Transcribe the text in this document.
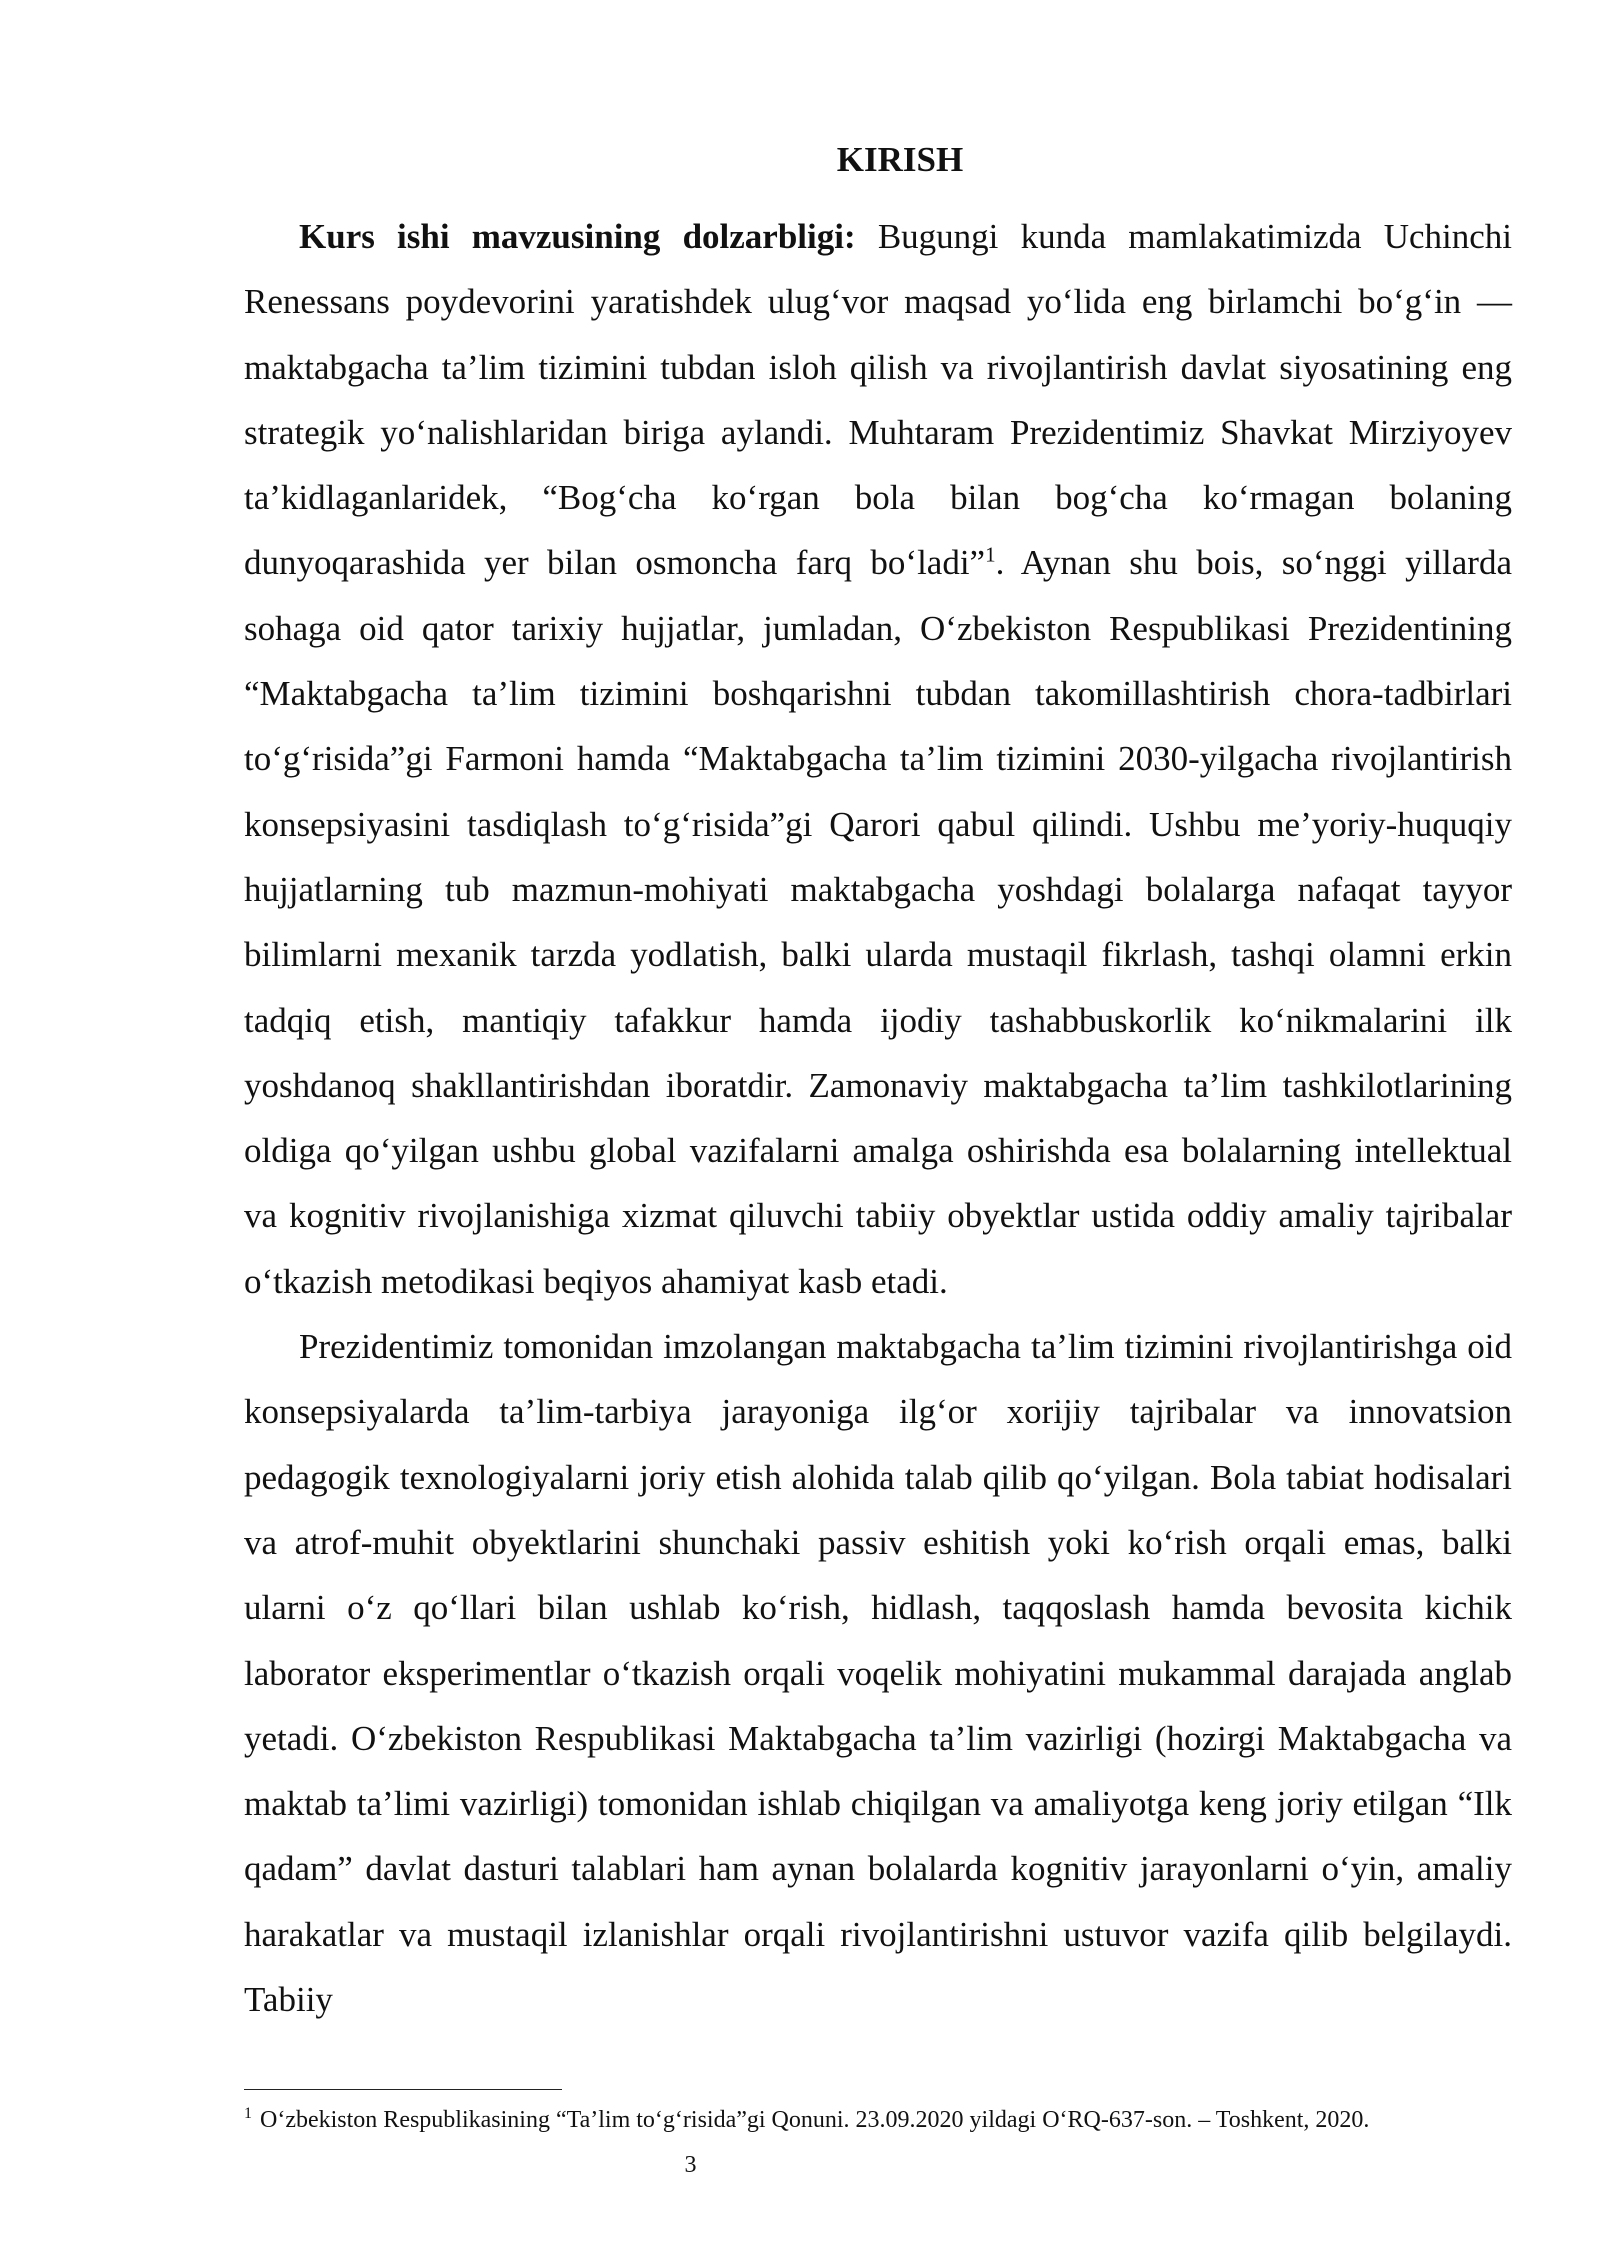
KIRISH

Kurs ishi mavzusining dolzarbligi: Bugungi kunda mamlakatimizda Uchinchi Renessans poydevorini yaratishdek ulug‘vor maqsad yo‘lida eng birlamchi bo‘g‘in — maktabgacha ta’lim tizimini tubdan isloh qilish va rivojlantirish davlat siyosatining eng strategik yo‘nalishlaridan biriga aylandi. Muhtaram Prezidentimiz Shavkat Mirziyoyev ta’kidlaganlaridek, “Bog‘cha ko‘rgan bola bilan bog‘cha ko‘rmagan bolaning dunyoqarashida yer bilan osmoncha farq bo‘ladi”$^1$. Aynan shu bois, so‘nggi yillarda sohaga oid qator tarixiy hujjatlar, jumladan, O‘zbekiston Respublikasi Prezidentining “Maktabgacha ta’lim tizimini boshqarishni tubdan takomillashtirish chora-tadbirlari to‘g‘risida”gi Farmoni hamda “Maktabgacha ta’lim tizimini 2030-yilgacha rivojlantirish konsepsiyasini tasdiqlash to‘g‘risida”gi Qarori qabul qilindi. Ushbu me’yoriy-huquqiy hujjatlarning tub mazmun-mohiyati maktabgacha yoshdagi bolalarga nafaqat tayyor bilimlarni mexanik tarzda yodlatish, balki ularda mustaqil fikrlash, tashqi olamni erkin tadqiq etish, mantiqiy tafakkur hamda ijodiy tashabbuskorlik ko‘nikmalarini ilk yoshdanoq shakllantirishdan iboratdir. Zamonaviy maktabgacha ta’lim tashkilotlarining oldiga qo‘yilgan ushbu global vazifalarni amalga oshirishda esa bolalarning intellektual va kognitiv rivojlanishiga xizmat qiluvchi tabiiy obyektlar ustida oddiy amaliy tajribalar o‘tkazish metodikasi beqiyos ahamiyat kasb etadi.

Prezidentimiz tomonidan imzolangan maktabgacha ta’lim tizimini rivojlantirishga oid konsepsiyalarda ta’lim-tarbiya jarayoniga ilg‘or xorijiy tajribalar va innovatsion pedagogik texnologiyalarni joriy etish alohida talab qilib qo‘yilgan. Bola tabiat hodisalari va atrof-muhit obyektlarini shunchaki passiv eshitish yoki ko‘rish orqali emas, balki ularni o‘z qo‘llari bilan ushlab ko‘rish, hidlash, taqqoslash hamda bevosita kichik laborator eksperimentlar o‘tkazish orqali voqelik mohiyatini mukammal darajada anglab yetadi. O‘zbekiston Respublikasi Maktabgacha ta’lim vazirligi (hozirgi Maktabgacha va maktab ta’limi vazirligi) tomonidan ishlab chiqilgan va amaliyotga keng joriy etilgan “Ilk qadam” davlat dasturi talablari ham aynan bolalarda kognitiv jarayonlarni o‘yin, amaliy harakatlar va mustaqil izlanishlar orqali rivojlantirishni ustuvor vazifa qilib belgilaydi. Tabiiy

$^1$ O‘zbekiston Respublikasining “Ta’lim to‘g‘risida”gi Qonuni. 23.09.2020 yildagi O‘RQ-637-son. – Toshkent, 2020.
3
